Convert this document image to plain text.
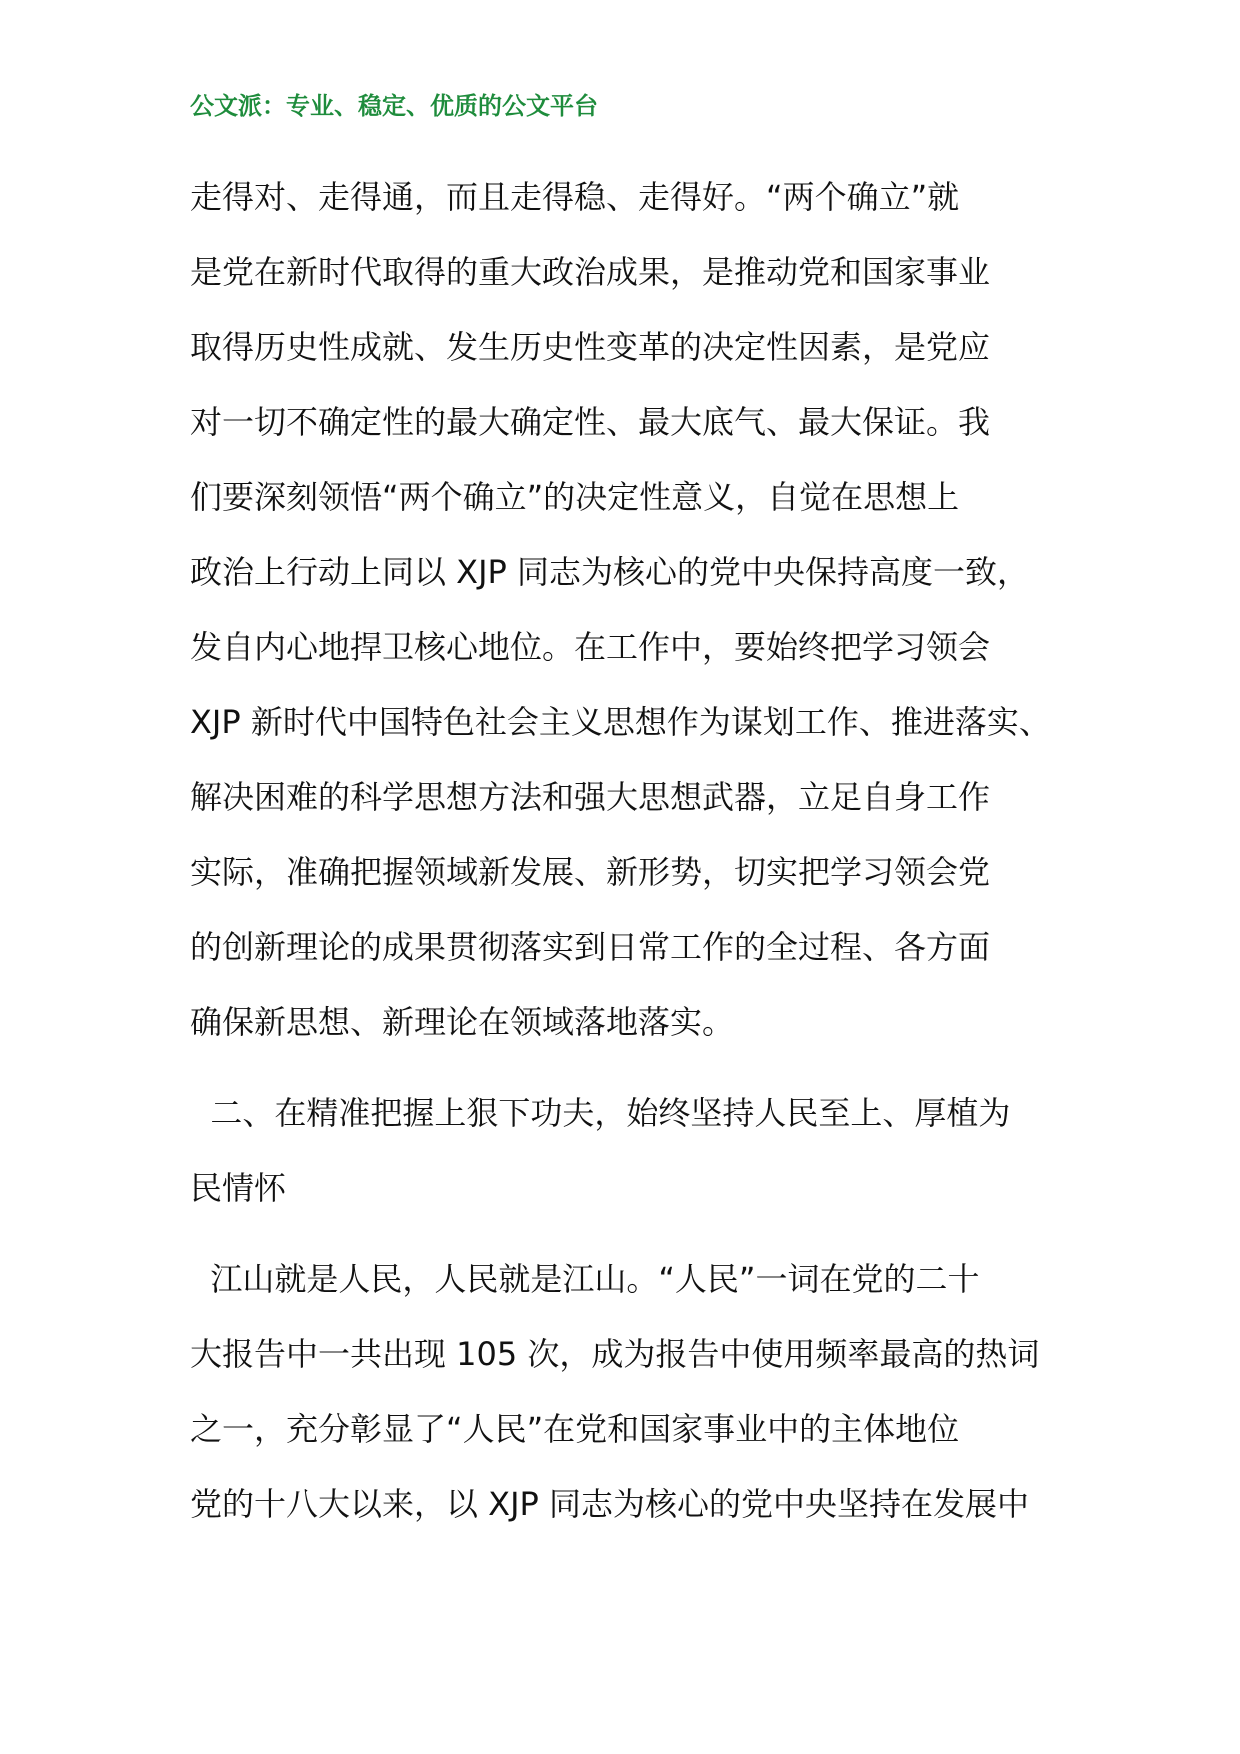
公文派：专业、稳定、优质的公文平台
走得对、走得通，而且走得稳、走得好。“两个确立”就
是党在新时代取得的重大政治成果，是推动党和国家事业
取得历史性成就、发生历史性变革的决定性因素，是党应
对一切不确定性的最大确定性、最大底气、最大保证。我
们要深刻领悟“两个确立”的决定性意义，自觉在思想上
政治上行动上同以 XJP 同志为核心的党中央保持高度一致，
发自内心地捍卫核心地位。在工作中，要始终把学习领会
XJP 新时代中国特色社会主义思想作为谋划工作、推进落实、
解决困难的科学思想方法和强大思想武器，立足自身工作
实际，准确把握领域新发展、新形势，切实把学习领会党
的创新理论的成果贯彻落实到日常工作的全过程、各方面
确保新思想、新理论在领域落地落实。
二、在精准把握上狠下功夫，始终坚持人民至上、厚植为
民情怀
江山就是人民，人民就是江山。“人民”一词在党的二十
大报告中一共出现 105 次，成为报告中使用频率最高的热词
之一，充分彰显了“人民”在党和国家事业中的主体地位
党的十八大以来，以 XJP 同志为核心的党中央坚持在发展中
